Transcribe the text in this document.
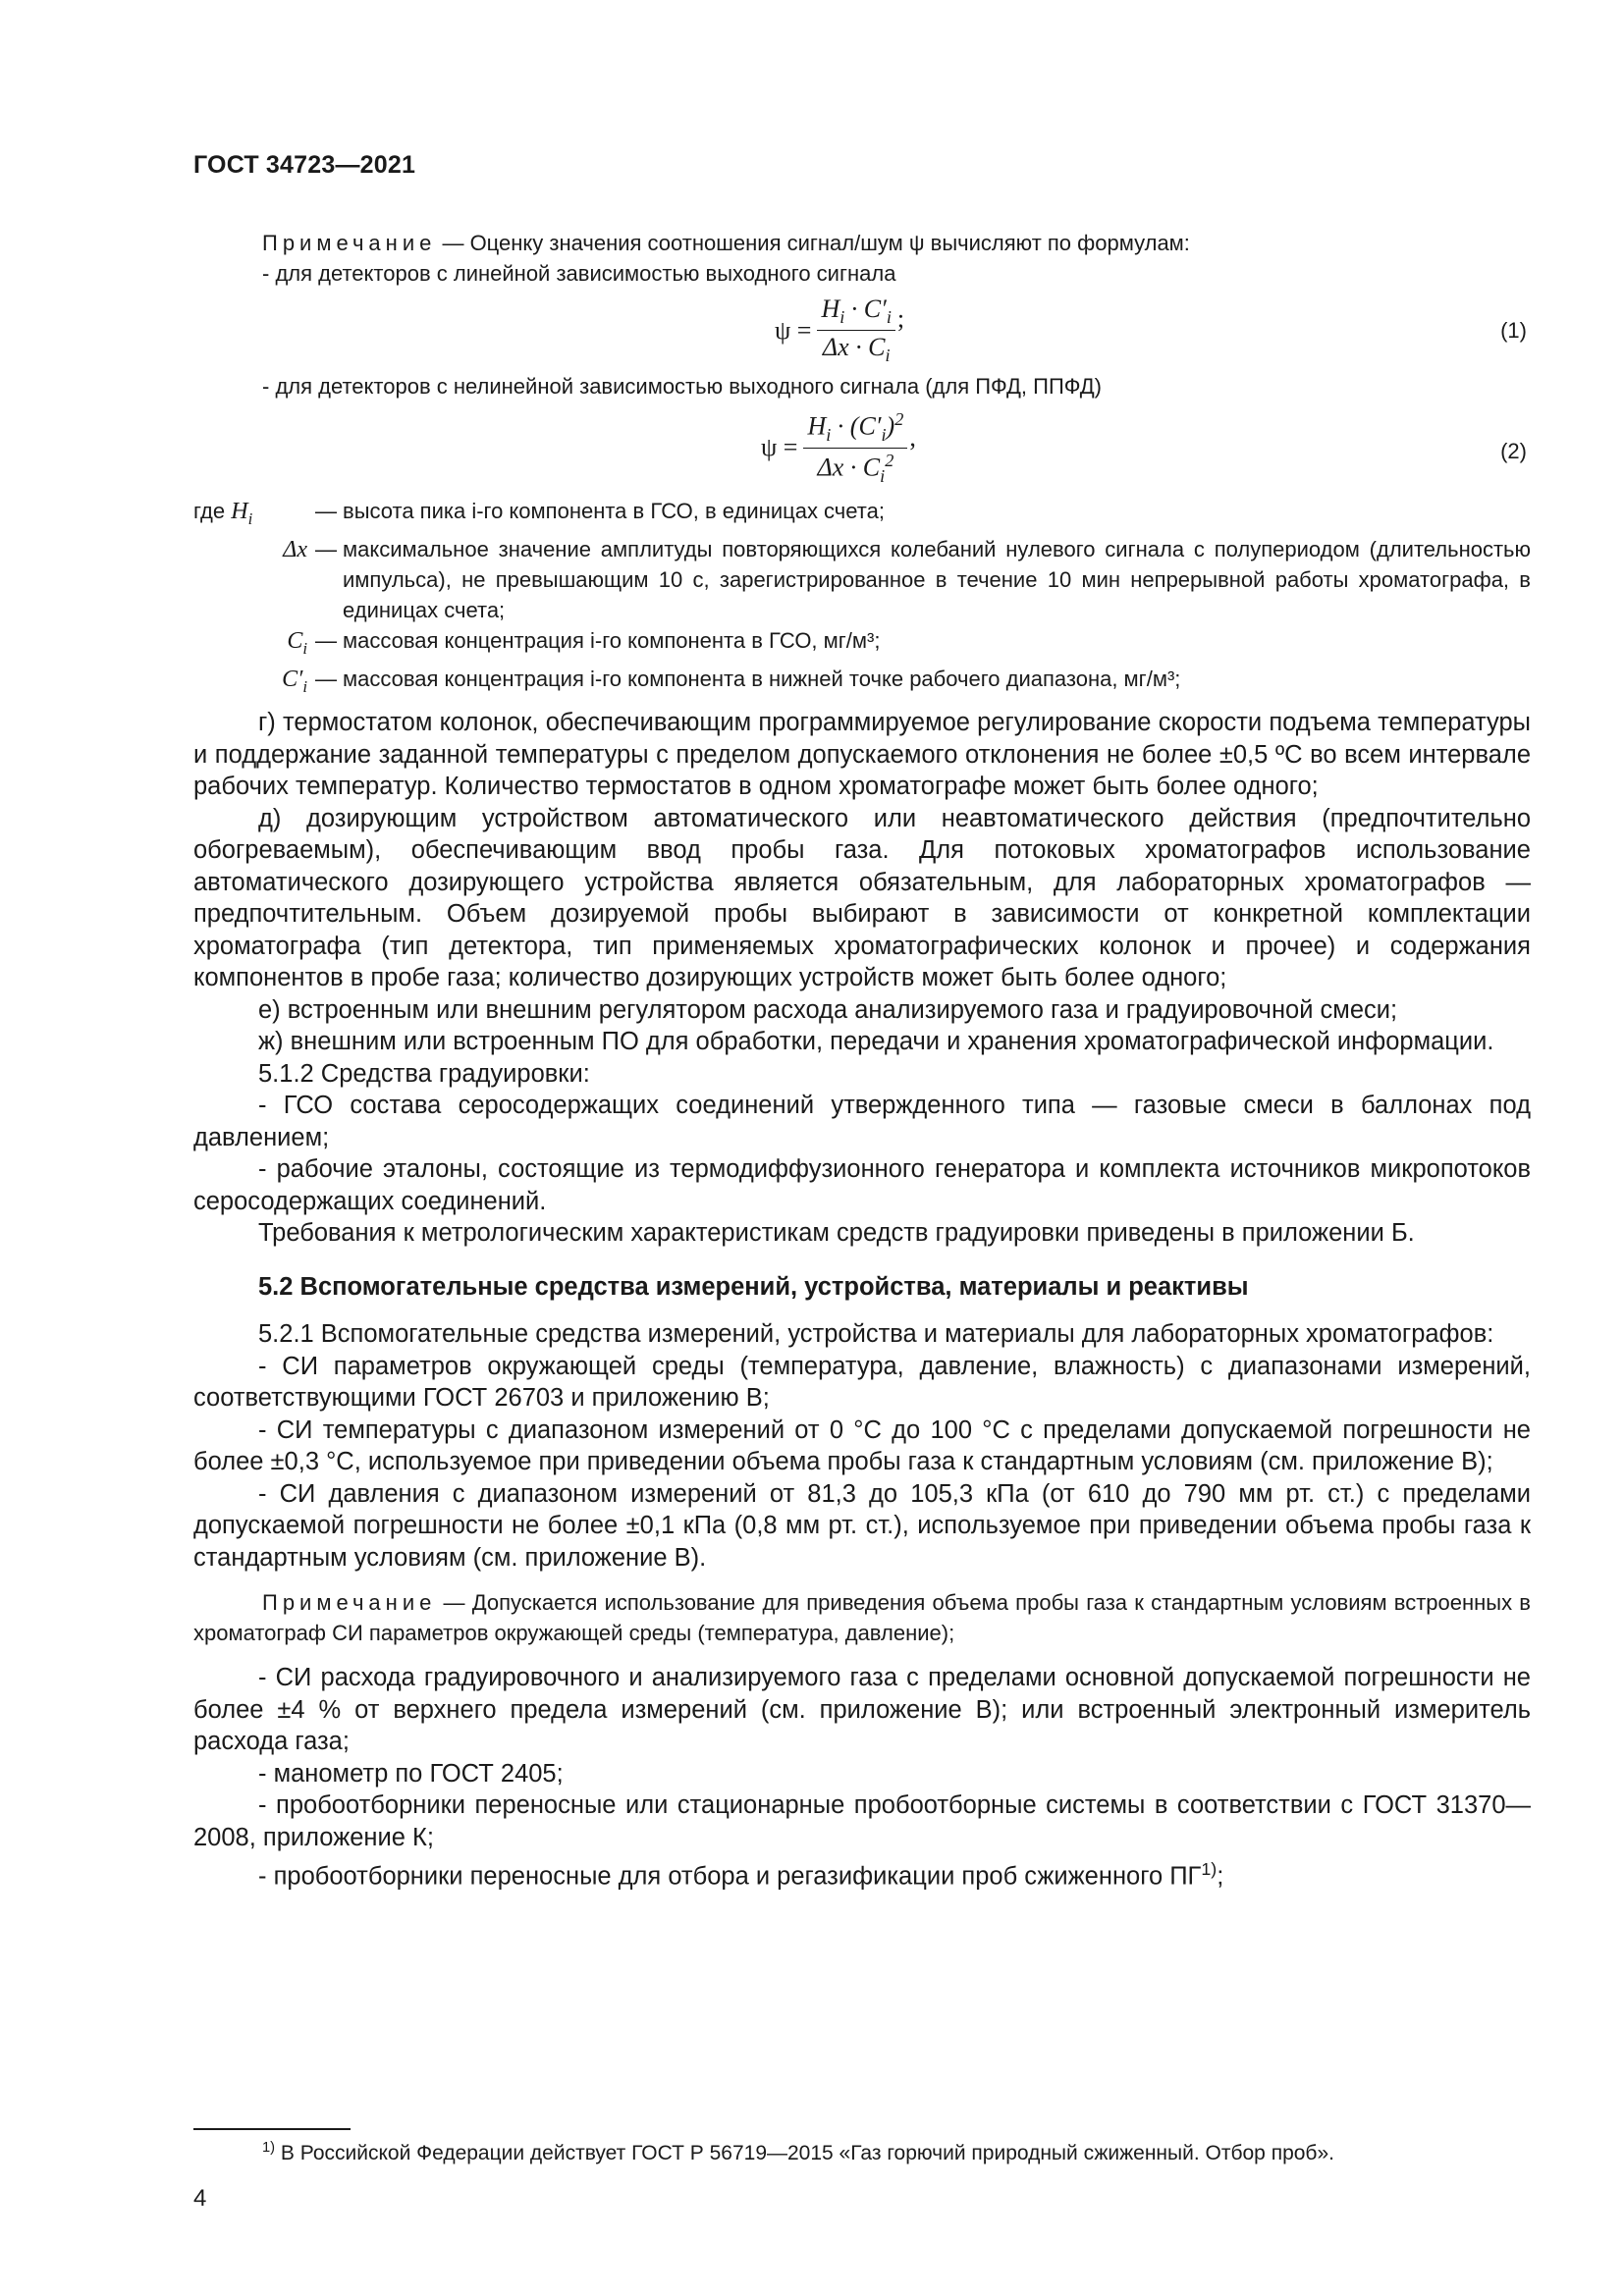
ГОСТ 34723—2021
Примечание — Оценку значения соотношения сигнал/шум ψ вычисляют по формулам:
- для детекторов с линейной зависимостью выходного сигнала
$\psi = \frac{H_i \cdot C'_i}{\Delta x \cdot C_i}$ ;	(1)
- для детекторов с нелинейной зависимостью выходного сигнала (для ПФД, ППФД)
$\psi = \frac{H_i \cdot (C'_i)^2}{\Delta x \cdot C_i^2}$ ,	(2)
где $H_i$	— высота пика i-го компонента в ГСО, в единицах счета;
Δx — максимальное значение амплитуды повторяющихся колебаний нулевого сигнала с полупериодом (длительностью импульса), не превышающим 10 с, зарегистрированное в течение 10 мин непрерывной работы хроматографа, в единицах счета;
$C_i$ — массовая концентрация i-го компонента в ГСО, мг/м³;
$C'_i$ — массовая концентрация i-го компонента в нижней точке рабочего диапазона, мг/м³;

г) термостатом колонок, обеспечивающим программируемое регулирование скорости подъема температуры и поддержание заданной температуры с пределом допускаемого отклонения не более ±0,5 ºС во всем интервале рабочих температур. Количество термостатов в одном хроматографе может быть более одного;

д) дозирующим устройством автоматического или неавтоматического действия (предпочтительно обогреваемым), обеспечивающим ввод пробы газа. Для потоковых хроматографов использование автоматического дозирующего устройства является обязательным, для лабораторных хроматографов — предпочтительным. Объем дозируемой пробы выбирают в зависимости от конкретной комплектации хроматографа (тип детектора, тип применяемых хроматографических колонок и прочее) и содержания компонентов в пробе газа; количество дозирующих устройств может быть более одного;

е) встроенным или внешним регулятором расхода анализируемого газа и градуировочной смеси;

ж) внешним или встроенным ПО для обработки, передачи и хранения хроматографической информации.

5.1.2 Средства градуировки:

- ГСО состава серосодержащих соединений утвержденного типа — газовые смеси в баллонах под давлением;

- рабочие эталоны, состоящие из термодиффузионного генератора и комплекта источников микропотоков серосодержащих соединений.

Требования к метрологическим характеристикам средств градуировки приведены в приложении Б.

5.2 Вспомогательные средства измерений, устройства, материалы и реактивы

5.2.1 Вспомогательные средства измерений, устройства и материалы для лабораторных хроматографов:

- СИ параметров окружающей среды (температура, давление, влажность) с диапазонами измерений, соответствующими ГОСТ 26703 и приложению В;

- СИ температуры с диапазоном измерений от 0 °С до 100 °С с пределами допускаемой погрешности не более ±0,3 °С, используемое при приведении объема пробы газа к стандартным условиям (см. приложение В);

- СИ давления с диапазоном измерений от 81,3 до 105,3 кПа (от 610 до 790 мм рт. ст.) с пределами допускаемой погрешности не более ±0,1 кПа (0,8 мм рт. ст.), используемое при приведении объема пробы газа к стандартным условиям (см. приложение В).

Примечание — Допускается использование для приведения объема пробы газа к стандартным условиям встроенных в хроматограф СИ параметров окружающей среды (температура, давление);

- СИ расхода градуировочного и анализируемого газа с пределами основной допускаемой погрешности не более ±4 % от верхнего предела измерений (см. приложение В); или встроенный электронный измеритель расхода газа;

- манометр по ГОСТ 2405;

- пробоотборники переносные или стационарные пробоотборные системы в соответствии с ГОСТ 31370—2008, приложение К;

- пробоотборники переносные для отбора и регазификации проб сжиженного ПГ$^{1)}$;

$^{1)}$ В Российской Федерации действует ГОСТ Р 56719—2015 «Газ горючий природный сжиженный. Отбор проб».
4
